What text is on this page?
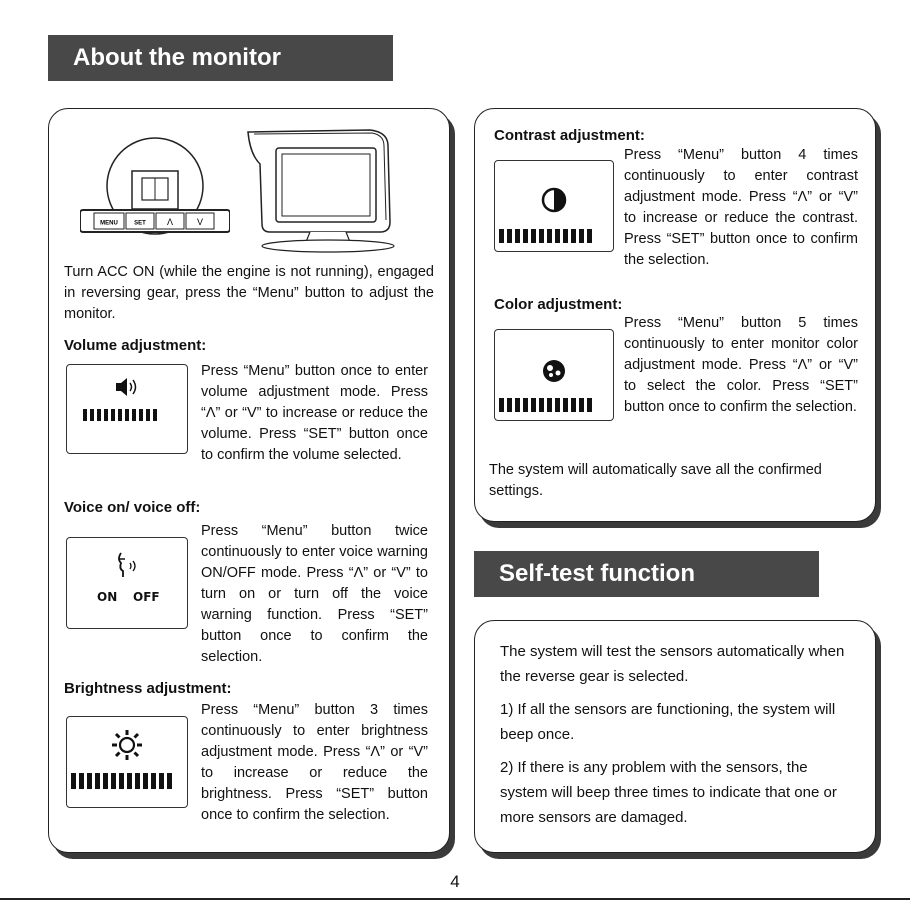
About the monitor
MENU	SET Λ	V

Turn ACC ON (while the engine is not running), engaged in reversing gear, press the “Menu” button to adjust the monitor.

Volume adjustment:

Press “Menu” button once to enter volume adjustment mode. Press “Λ” or “V” to increase or reduce the volume. Press “SET” button once to confirm the volume selected.

Voice on/ voice off:
ON OFF

Press “Menu” button twice continuously to enter voice warning ON/OFF mode. Press “Λ” or “V” to turn on or turn off the voice warning function. Press “SET” button once to confirm the selection.

Brightness adjustment:

Press “Menu” button 3 times continuously to enter brightness adjustment mode. Press “Λ” or “V” to increase or reduce the brightness. Press “SET” button once to confirm the selection.

Contrast adjustment:

Press “Menu” button 4 times continuously to enter contrast adjustment mode. Press “Λ” or “V” to increase or reduce the contrast. Press “SET” button once to confirm the selection.

Color adjustment:

Press “Menu” button 5 times continuously to enter monitor color adjustment mode. Press “Λ” or “V” to select the color. Press “SET” button once to confirm the selection.

The system will automatically save all the confirmed settings.

Self-test function

The system will test the sensors automatically when the reverse gear is selected.

1) If all the sensors are functioning, the system will beep once.

2) If there is any problem with the sensors, the system will beep three times to indicate that one or more sensors are damaged.

4
